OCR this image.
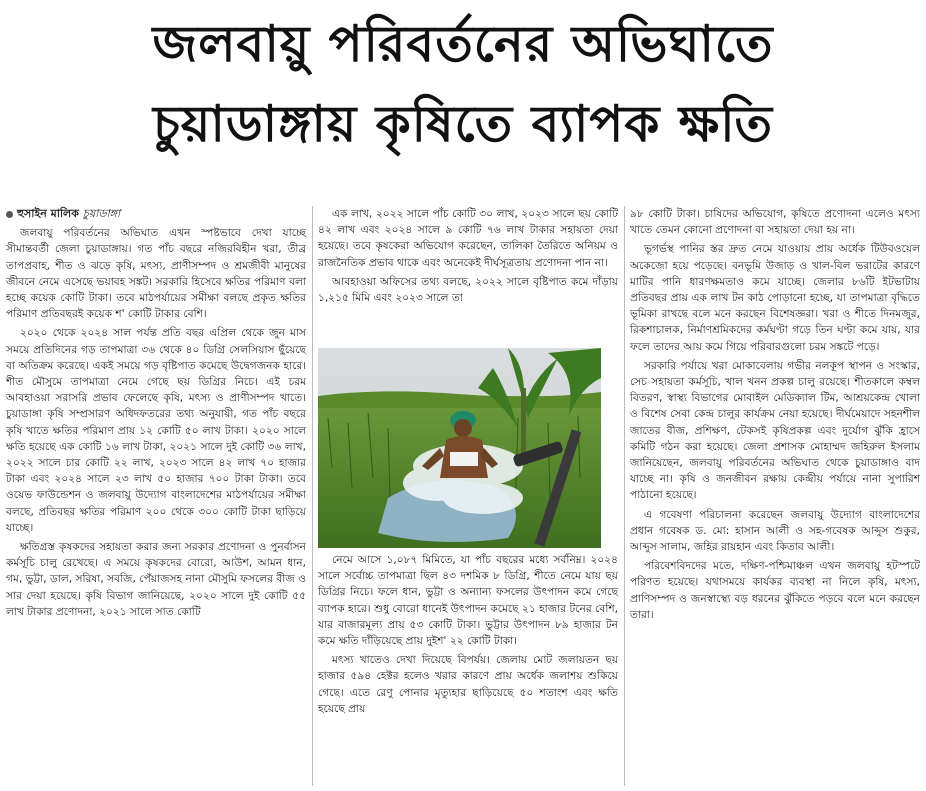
জলবায়ু পরিবর্তনের অভিঘাতে
চুয়াডাঙ্গায় কৃষিতে ব্যাপক ক্ষতি

হুসাইন মালিক চুয়াডাঙ্গা

জলবায়ু পরিবর্তনের অভিঘাত এখন স্পষ্টভাবে দেখা যাচ্ছে সীমান্তবর্তী জেলা চুয়াডাঙ্গায়। গত পাঁচ বছরে নজিরবিহীন খরা, তীব্র তাপপ্রবাহ, শীত ও ঝড়ে কৃষি, মৎস্য, প্রাণীসম্পদ ও শ্রমজীবী মানুষের জীবনে নেমে এসেছে ভয়াবহ সঙ্কট। সরকারি হিসেবে ক্ষতির পরিমাণ বলা হচ্ছে কয়েক কোটি টাকা। তবে মাঠপর্যায়ের সমীক্ষা বলছে প্রকৃত ক্ষতির পরিমাণ প্রতিবছরই কয়েক শ' কোটি টাকার বেশি।

২০২০ থেকে ২০২৪ সাল পর্যন্ত প্রতি বছর এপ্রিল থেকে জুন মাস সময়ে প্রতিদিনের গড় তাপমাত্রা ৩৬ থেকে ৪০ ডিগ্রি সেলসিয়াস ছুঁয়েছে বা অতিক্রম করেছে। একই সময়ে গড় বৃষ্টিপাত কমেছে উদ্বেগজনক হারে। শীত মৌসুমে তাপমাত্রা নেমে গেছে ছয় ডিগ্রির নিচে। এই চরম আবহাওয়া সরাসরি প্রভাব ফেলেছে কৃষি, মৎস্য ও প্রাণীসম্পদ খাতে। চুয়াডাঙ্গা কৃষি সম্প্রসারণ অধিদফতরের তথ্য অনুযায়ী, গত পাঁচ বছরে কৃষি খাতে ক্ষতির পরিমাণ প্রায় ১২ কোটি ৫০ লাখ টাকা। ২০২০ সালে ক্ষতি হয়েছে এক কোটি ১৬ লাখ টাকা, ২০২১ সালে দুই কোটি ৩৬ লাখ, ২০২২ সালে চার কোটি ২২ লাখ, ২০২৩ সালে ৪২ লাখ ৭০ হাজার টাকা এবং ২০২৪ সালে ২৩ লাখ ৫০ হাজার ৭০০ টাকা টাকা। তবে ওয়েভ ফাউন্ডেশন ও জলবায়ু উদ্যোগ বাংলাদেশের মাঠপর্যায়ের সমীক্ষা বলছে, প্রতিবছর ক্ষতির পরিমাণ ২০০ থেকে ৩০০ কোটি টাকা ছাড়িয়ে যাচ্ছে।

ক্ষতিগ্রস্ত কৃষকদের সহায়তা করার জন্য সরকার প্রণোদনা ও পুনর্বাসন কর্মসূচি চালু রেখেছে। এ সময়ে কৃষকদের বোরো, আউশ, আমন ধান, গম, ভুট্টা, ডাল, সরিষা, সবজি, পেঁয়াজসহ নানা মৌসুমি ফসলের বীজ ও সার দেয়া হয়েছে। কৃষি বিভাগ জানিয়েছে, ২০২০ সালে দুই কোটি ৫৫ লাখ টাকার প্রণোদনা, ২০২১ সালে সাত কোটি

এক লাখ, ২০২২ সালে পাঁচ কোটি ৩০ লাখ, ২০২৩ সালে ছয় কোটি ৪২ লাখ এবং ২০২৪ সালে ৯ কোটি ৭৬ লাখ টাকার সহায়তা দেয়া হয়েছে। তবে কৃষকেরা অভিযোগ করেছেন, তালিকা তৈরিতে অনিয়ম ও রাজনৈতিক প্রভাব থাকে এবং অনেকেই দীর্ঘসূত্রতায় প্রণোদনা পান না।

আবহাওয়া অফিসের তথ্য বলছে, ২০২২ সালে বৃষ্টিপাত কমে দাঁড়ায় ১,২১৫ মিমি এবং ২০২৩ সালে তা

নেমে আসে ১,০৮৭ মিমিতে, যা পাঁচ বছরের মধ্যে সর্বনিম্ন। ২০২৪ সালে সর্বোচ্চ তাপমাত্রা ছিল ৪৩ দশমিক ৮ ডিগ্রি, শীতে নেমে যায় ছয় ডিগ্রির নিচে। ফলে ধান, ভুট্টা ও অন্যান্য ফসলের উৎপাদন কমে গেছে ব্যাপক হারে। শুধু বোরো ধানেই উৎপাদন কমেছে ২১ হাজার টনের বেশি, যার বাজারমূল্য প্রায় ৫৩ কোটি টাকা। ভুট্টার উৎপাদন ৮৯ হাজার টন কমে ক্ষতি দাঁড়িয়েছে প্রায় দুইশ' ২২ কোটি টাকা।

মৎস্য খাতেও দেখা দিয়েছে বিপর্যয়। জেলায় মোট জলায়তন ছয় হাজার ৫৯৪ হেক্টর হলেও খরার কারণে প্রায় অর্ধেক জলাশয় শুকিয়ে গেছে। এতে রেণু পোনার মৃত্যুহার ছাড়িয়েছে ৫০ শতাংশ এবং ক্ষতি হয়েছে প্রায়

৯৮ কোটি টাকা। চাষিদের অভিযোগ, কৃষিতে প্রণোদনা এলেও মৎস্য খাতে তেমন কোনো প্রণোদনা বা সহায়তা দেয়া হয় না।

ভূগর্ভস্থ পানির স্তর দ্রুত নেমে যাওয়ায় প্রায় অর্ধেক টিউবওয়েল অকেজো হয়ে পড়েছে। বনভূমি উজাড় ও খাল-বিল ভরাটের কারণে মাটির পানি ধারণক্ষমতাও কমে যাচ্ছে। জেলার ৮৬টি ইটভাটায় প্রতিবছর প্রায় এক লাখ টন কাঠ পোড়ানো হচ্ছে, যা তাপমাত্রা বৃদ্ধিতে ভূমিকা রাখছে বলে মনে করছেন বিশেষজ্ঞরা। খরা ও শীতে দিনমজুর, রিকশাচালক, নির্মাণশ্রমিকদের কর্মঘণ্টা গড়ে তিন ঘণ্টা কমে যায়, যার ফলে তাদের আয় কমে গিয়ে পরিবারগুলো চরম সঙ্কটে পড়ে।

সরকারি পর্যায়ে খরা মোকাবেলায় গভীর নলকূপ স্থাপন ও সংস্কার, সেচ সহায়তা কর্মসূচি, খাল খনন প্রকল্প চালু রয়েছে। শীতকালে কম্বল বিতরণ, স্বাস্থ্য বিভাগের মোবাইল মেডিক্যাল টিম, আশ্রয়কেন্দ্র খোলা ও বিশেষ সেবা কেন্দ্র চালুর কার্যক্রম নেয়া হয়েছে। দীর্ঘমেয়াদে সহনশীল জাতের বীজ, প্রশিক্ষণ, টেকসই কৃষিপ্রকল্প এবং দুর্যোগ ঝুঁকি হ্রাসে কমিটি গঠন করা হয়েছে। জেলা প্রশাসক মোহাম্মদ জহিরুল ইসলাম জানিয়েছেন, জলবায়ু পরিবর্তনের অভিঘাত থেকে চুয়াডাঙ্গাও বাদ যাচ্ছে না। কৃষি ও জনজীবন রক্ষায় কেন্দ্রীয় পর্যায়ে নানা সুপারিশ পাঠানো হয়েছে।

এ গবেষণা পরিচালনা করেছেন জলবায়ু উদ্যোগ বাংলাদেশের প্রধান গবেষক ড. মো: হাসান আলী ও সহ-গবেষক আব্দুস শুকুর, আব্দুস সালাম, জহির রায়হান এবং কিতাব আলী।

পরিবেশবিদদের মতে, দক্ষিণ-পশ্চিমাঞ্চল এখন জলবায়ু হটস্পটে পরিণত হয়েছে। যথাসময়ে কার্যকর ব্যবস্থা না নিলে কৃষি, মৎস্য, প্রাণিসম্পদ ও জনস্বাস্থ্যে বড় ধরনের ঝুঁকিতে পড়বে বলে মনে করছেন তারা।
